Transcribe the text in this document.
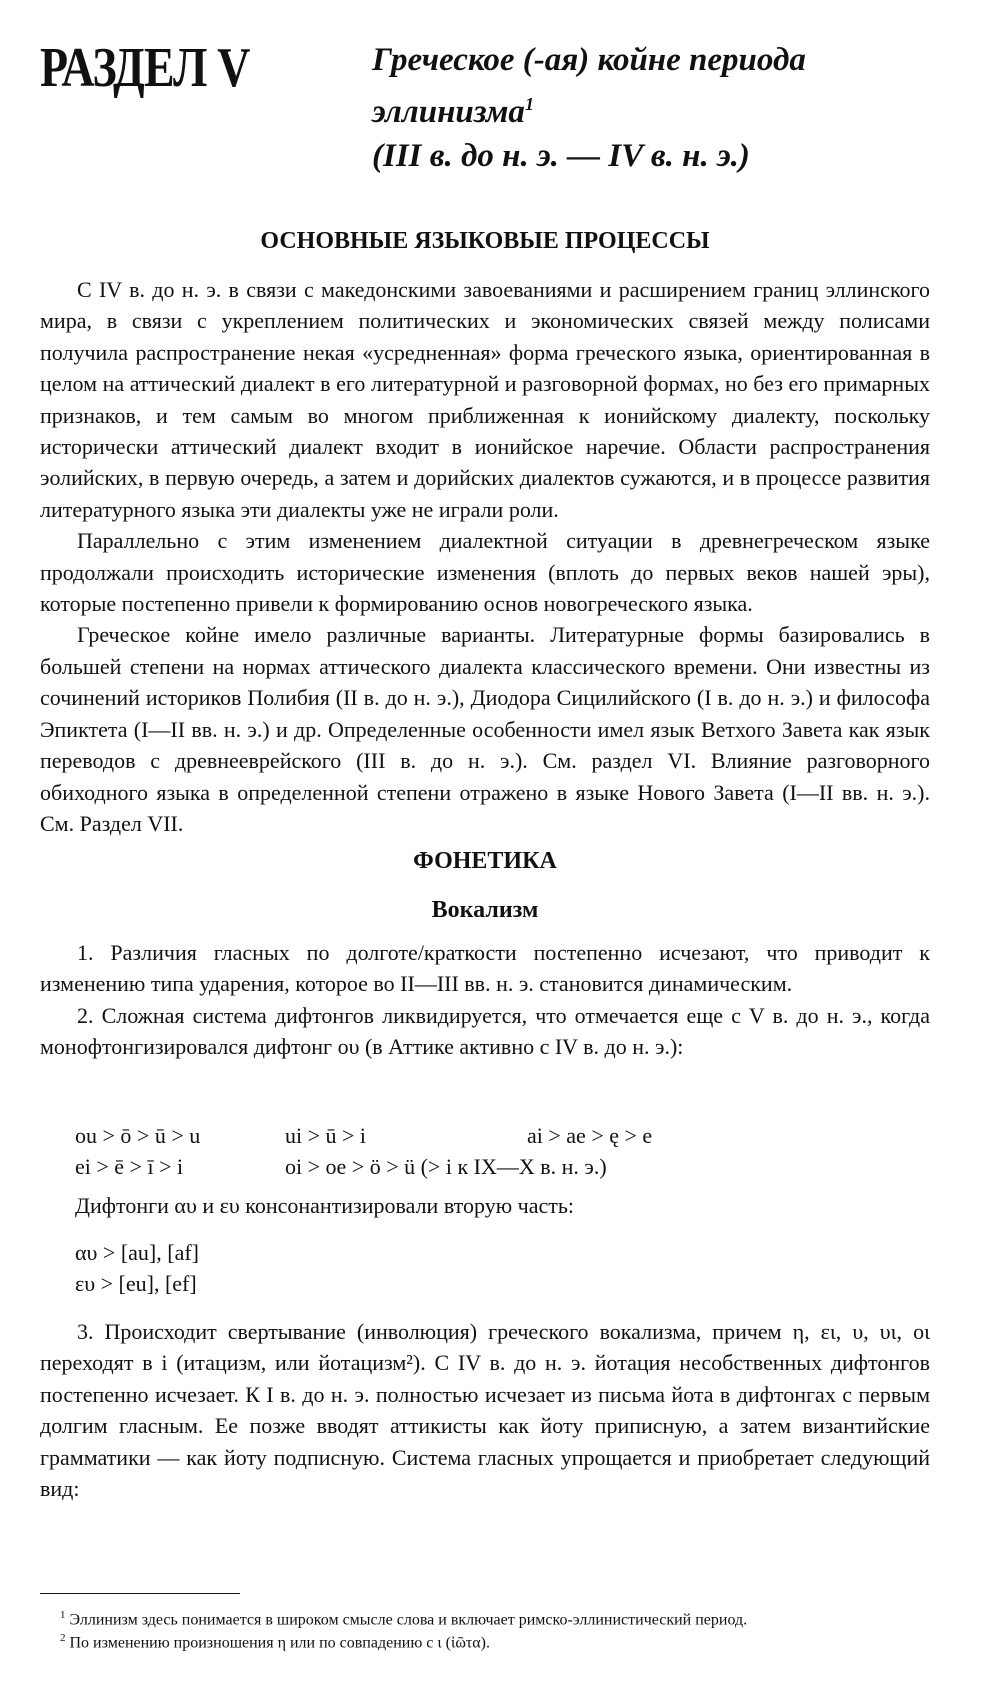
РАЗДЕЛ V	Греческое (-ая) койне периода эллинизма$^1$
(III в. до н. э. — IV в. н. э.)
ОСНОВНЫЕ ЯЗЫКОВЫЕ ПРОЦЕССЫ

С IV в. до н. э. в связи с македонскими завоеваниями и расширением границ эллинского мира, в связи с укреплением политических и экономических связей между полисами получила распространение некая «усредненная» форма греческого языка, ориентированная в целом на аттический диалект в его литературной и разговорной формах, но без его примарных признаков, и тем самым во многом приближенная к ионийскому диалекту, поскольку исторически аттический диалект входит в ионийское наречие. Области распространения эолийских, в первую очередь, а затем и дорийских диалектов сужаются, и в процессе развития литературного языка эти диалекты уже не играли роли.

Параллельно с этим изменением диалектной ситуации в древнегреческом языке продолжали происходить исторические изменения (вплоть до первых веков нашей эры), которые постепенно привели к формированию основ новогреческого языка.

Греческое койне имело различные варианты. Литературные формы базировались в большей степени на нормах аттического диалекта классического времени. Они известны из сочинений историков Полибия (II в. до н. э.), Диодора Сицилийского (I в. до н. э.) и философа Эпиктета (I—II вв. н. э.) и др. Определенные особенности имел язык Ветхого Завета как язык переводов с древнееврейского (III в. до н. э.). См. раздел VI. Влияние разговорного обиходного языка в определенной степени отражено в языке Нового Завета (I—II вв. н. э.). См. Раздел VII.

ФОНЕТИКА
Вокализм

1. Различия гласных по долготе/краткости постепенно исчезают, что приводит к изменению типа ударения, которое во II—III вв. н. э. становится динамическим.

2. Сложная система дифтонгов ликвидируется, что отмечается еще с V в. до н. э., когда монофтонгизировался дифтонг ου (в Аттике активно с IV в. до н. э.):

ou > ō > ū > u	ui > ū > i	ai > ae > ę > e
ei > ē > ī > i	oi > oe > ö > ü (> i к IX—X в. н. э.)
Дифтонги αυ и ευ консонантизировали вторую часть:
αυ > [au], [af]
ευ > [eu], [ef]

3. Происходит свертывание (инволюция) греческого вокализма, причем η, ει, υ, υι, οι переходят в i (итацизм, или йотацизм²). С IV в. до н. э. йотация несобственных дифтонгов постепенно исчезает. К I в. до н. э. полностью исчезает из письма йота в дифтонгах с первым долгим гласным. Ее позже вводят аттикисты как йоту приписную, а затем византийские грамматики — как йоту подписную. Система гласных упрощается и приобретает следующий вид:

$^1$ Эллинизм здесь понимается в широком смысле слова и включает римско-эллинистический период.
$^2$ По изменению произношения η или по совпадению с ι (ἰῶτα).
